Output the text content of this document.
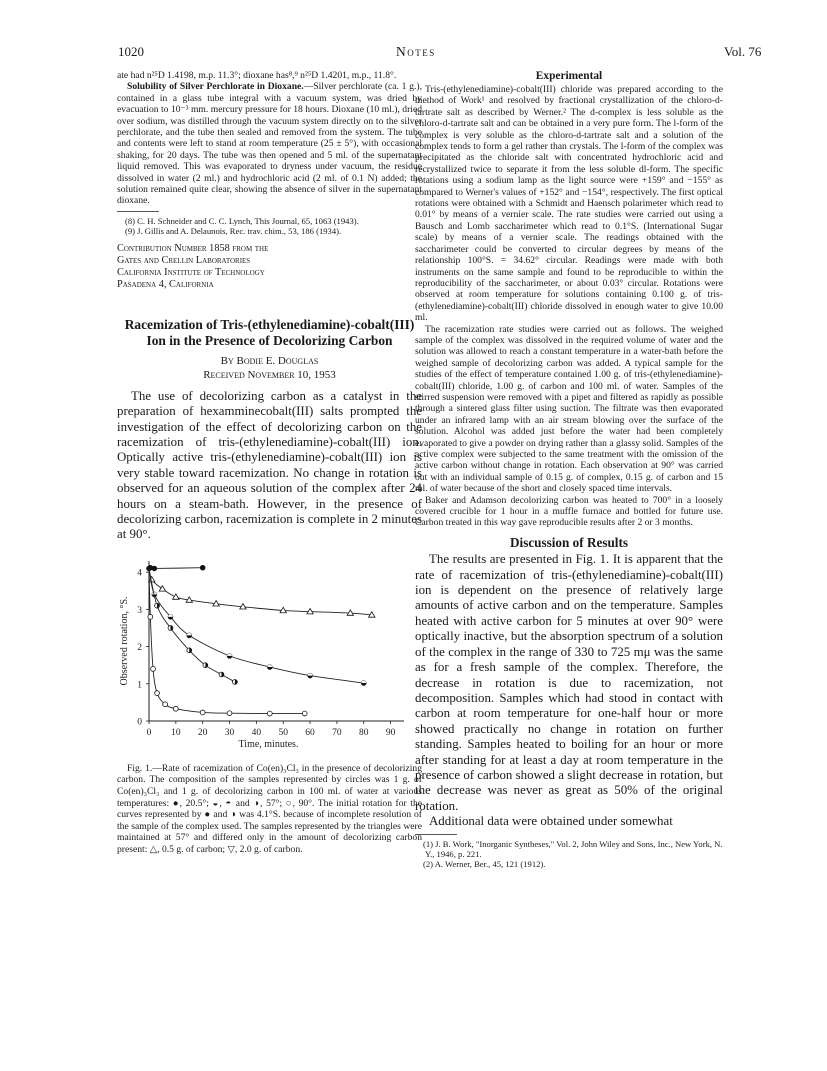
1020	Notes	Vol. 76

ate had n²⁵D 1.4198, m.p. 11.3°; dioxane has⁸,⁹ n²⁵D 1.4201, m.p., 11.8°.

Solubility of Silver Perchlorate in Dioxane.—Silver perchlorate (ca. 1 g.), contained in a glass tube integral with a vacuum system, was dried by evacuation to 10⁻³ mm. mercury pressure for 18 hours. Dioxane (10 ml.), dried over sodium, was distilled through the vacuum system directly on to the silver perchlorate, and the tube then sealed and removed from the system. The tube and contents were left to stand at room temperature (25 ± 5°), with occasional shaking, for 20 days. The tube was then opened and 5 ml. of the supernatant liquid removed. This was evaporated to dryness under vacuum, the residue dissolved in water (2 ml.) and hydrochloric acid (2 ml. of 0.1 N) added; the solution remained quite clear, showing the absence of silver in the supernatant dioxane.

(8) C. H. Schneider and C. C. Lynch, This Journal, 65, 1063 (1943).

(9) J. Gillis and A. Delaunois, Rec. trav. chim., 53, 186 (1934).

Contribution Number 1858 from the
Gates and Crellin Laboratories
California Institute of Technology
Pasadena 4, California
Racemization of Tris-(ethylenediamine)-cobalt(III)
Ion in the Presence of Decolorizing Carbon
By Bodie E. Douglas
Received November 10, 1953

The use of decolorizing carbon as a catalyst in the preparation of hexamminecobalt(III) salts prompted the investigation of the effect of decolorizing carbon on the racemization of tris-(ethylenediamine)-cobalt(III) ion. Optically active tris-(ethylenediamine)-cobalt(III) ion is very stable toward racemization. No change in rotation is observed for an aqueous solution of the complex after 24 hours on a steam-bath. However, in the presence of decolorizing carbon, racemization is complete in 2 minutes at 90°.

0 10 20 30 40 50 60 70 80 90
0
1
2
3
4
Time, minutes.
Observed rotation, °S.

Fig. 1.—Rate of racemization of Co(en)₃Cl₃ in the presence of decolorizing carbon. The composition of the samples represented by circles was 1 g. of Co(en)₃Cl₃ and 1 g. of decolorizing carbon in 100 ml. of water at various temperatures: ●, 20.5°; ◒, ◓ and ◑, 57°; ○, 90°. The initial rotation for the curves represented by ● and ◑ was 4.1°S. because of incomplete resolution of the sample of the complex used. The samples represented by the triangles were maintained at 57° and differed only in the amount of decolorizing carbon present: △, 0.5 g. of carbon; ▽, 2.0 g. of carbon.

Experimental

Tris-(ethylenediamine)-cobalt(III) chloride was prepared according to the method of Work¹ and resolved by fractional crystallization of the chloro-d-tartrate salt as described by Werner.² The d-complex is less soluble as the chloro-d-tartrate salt and can be obtained in a very pure form. The l-form of the complex is very soluble as the chloro-d-tartrate salt and a solution of the complex tends to form a gel rather than crystals. The l-form of the complex was precipitated as the chloride salt with concentrated hydrochloric acid and recrystallized twice to separate it from the less soluble dl-form. The specific rotations using a sodium lamp as the light source were +159° and −155° as compared to Werner's values of +152° and −154°, respectively. The first optical rotations were obtained with a Schmidt and Haensch polarimeter which read to 0.01° by means of a vernier scale. The rate studies were carried out using a Bausch and Lomb saccharimeter which read to 0.1°S. (International Sugar scale) by means of a vernier scale. The readings obtained with the saccharimeter could be converted to circular degrees by means of the relationship 100°S. = 34.62° circular. Readings were made with both instruments on the same sample and found to be reproducible to within the reproducibility of the saccharimeter, or about 0.03° circular. Rotations were observed at room temperature for solutions containing 0.100 g. of tris-(ethylenediamine)-cobalt(III) chloride dissolved in enough water to give 10.00 ml.

The racemization rate studies were carried out as follows. The weighed sample of the complex was dissolved in the required volume of water and the solution was allowed to reach a constant temperature in a water-bath before the weighed sample of decolorizing carbon was added. A typical sample for the studies of the effect of temperature contained 1.00 g. of tris-(ethylenediamine)-cobalt(III) chloride, 1.00 g. of carbon and 100 ml. of water. Samples of the stirred suspension were removed with a pipet and filtered as rapidly as possible through a sintered glass filter using suction. The filtrate was then evaporated under an infrared lamp with an air stream blowing over the surface of the solution. Alcohol was added just before the water had been completely evaporated to give a powder on drying rather than a glassy solid. Samples of the active complex were subjected to the same treatment with the omission of the active carbon without change in rotation. Each observation at 90° was carried out with an individual sample of 0.15 g. of complex, 0.15 g. of carbon and 15 ml. of water because of the short and closely spaced time intervals.

Baker and Adamson decolorizing carbon was heated to 700° in a loosely covered crucible for 1 hour in a muffle furnace and bottled for future use. Carbon treated in this way gave reproducible results after 2 or 3 months.

Discussion of Results

The results are presented in Fig. 1. It is apparent that the rate of racemization of tris-(ethylenediamine)-cobalt(III) ion is dependent on the presence of relatively large amounts of active carbon and on the temperature. Samples heated with active carbon for 5 minutes at over 90° were optically inactive, but the absorption spectrum of a solution of the complex in the range of 330 to 725 mμ was the same as for a fresh sample of the complex. Therefore, the decrease in rotation is due to racemization, not decomposition. Samples which had stood in contact with carbon at room temperature for one-half hour or more showed practically no change in rotation on further standing. Samples heated to boiling for an hour or more after standing for at least a day at room temperature in the presence of carbon showed a slight decrease in rotation, but the decrease was never as great as 50% of the original rotation.

Additional data were obtained under somewhat

(1) J. B. Work, "Inorganic Syntheses," Vol. 2, John Wiley and Sons, Inc., New York, N. Y., 1946, p. 221.

(2) A. Werner, Ber., 45, 121 (1912).
